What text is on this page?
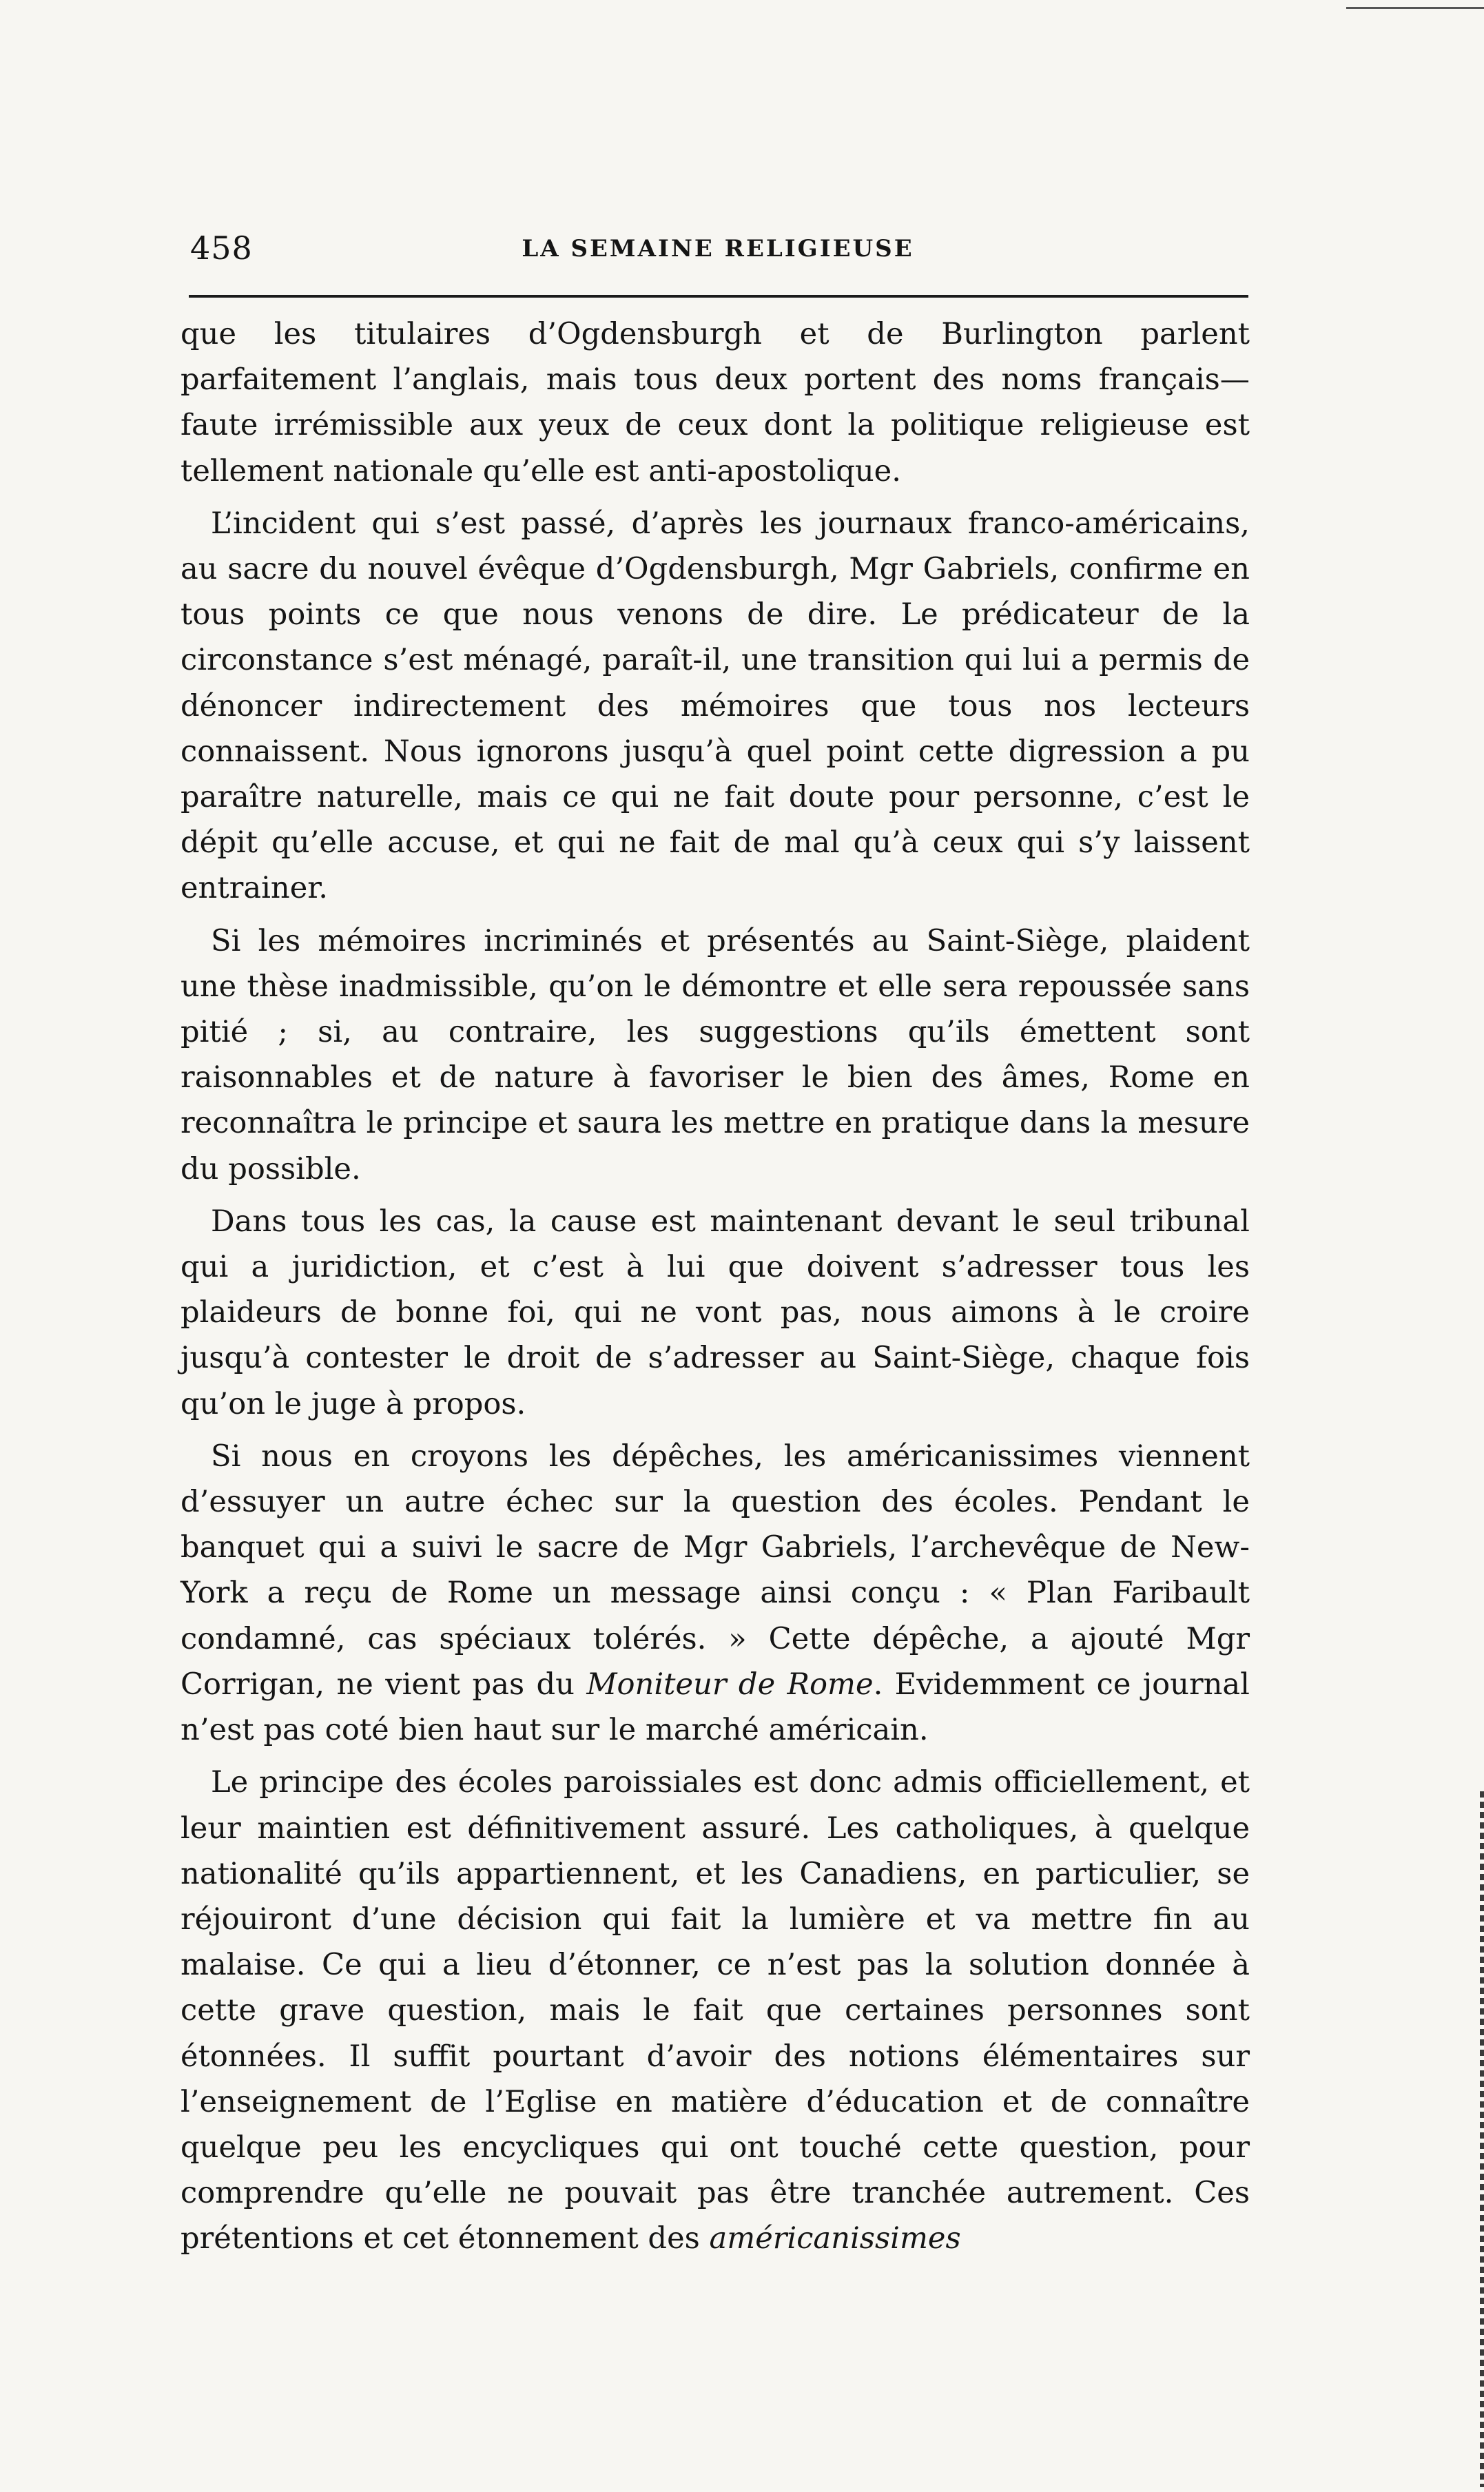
458	LA SEMAINE RELIGIEUSE

que les titulaires d’Ogdensburgh et de Burlington parlent parfaitement l’anglais, mais tous deux portent des noms français—faute irrémissible aux yeux de ceux dont la politique religieuse est tellement nationale qu’elle est anti-apostolique.

L’incident qui s’est passé, d’après les journaux franco-américains, au sacre du nouvel évêque d’Ogdensburgh, Mgr Gabriels, confirme en tous points ce que nous venons de dire. Le prédicateur de la circonstance s’est ménagé, paraît-il, une transition qui lui a permis de dénoncer indirectement des mémoires que tous nos lecteurs connaissent. Nous ignorons jusqu’à quel point cette digression a pu paraître naturelle, mais ce qui ne fait doute pour personne, c’est le dépit qu’elle accuse, et qui ne fait de mal qu’à ceux qui s’y laissent entrainer.

Si les mémoires incriminés et présentés au Saint-Siège, plaident une thèse inadmissible, qu’on le démontre et elle sera repoussée sans pitié ; si, au contraire, les suggestions qu’ils émettent sont raisonnables et de nature à favoriser le bien des âmes, Rome en reconnaîtra le principe et saura les mettre en pratique dans la mesure du possible.

Dans tous les cas, la cause est maintenant devant le seul tribunal qui a juridiction, et c’est à lui que doivent s’adresser tous les plaideurs de bonne foi, qui ne vont pas, nous aimons à le croire jusqu’à contester le droit de s’adresser au Saint-Siège, chaque fois qu’on le juge à propos.

Si nous en croyons les dépêches, les américanissimes viennent d’essuyer un autre échec sur la question des écoles. Pendant le banquet qui a suivi le sacre de Mgr Gabriels, l’archevêque de New-York a reçu de Rome un message ainsi conçu : « Plan Faribault condamné, cas spéciaux tolérés. » Cette dépêche, a ajouté Mgr Corrigan, ne vient pas du Moniteur de Rome. Evidemment ce journal n’est pas coté bien haut sur le marché américain.

Le principe des écoles paroissiales est donc admis officiellement, et leur maintien est définitivement assuré. Les catholiques, à quelque nationalité qu’ils appartiennent, et les Canadiens, en particulier, se réjouiront d’une décision qui fait la lumière et va mettre fin au malaise. Ce qui a lieu d’étonner, ce n’est pas la solution donnée à cette grave question, mais le fait que certaines personnes sont étonnées. Il suffit pourtant d’avoir des notions élémentaires sur l’enseignement de l’Eglise en matière d’éducation et de connaître quelque peu les encycliques qui ont touché cette question, pour comprendre qu’elle ne pouvait pas être tranchée autrement. Ces prétentions et cet étonnement des américanissimes
